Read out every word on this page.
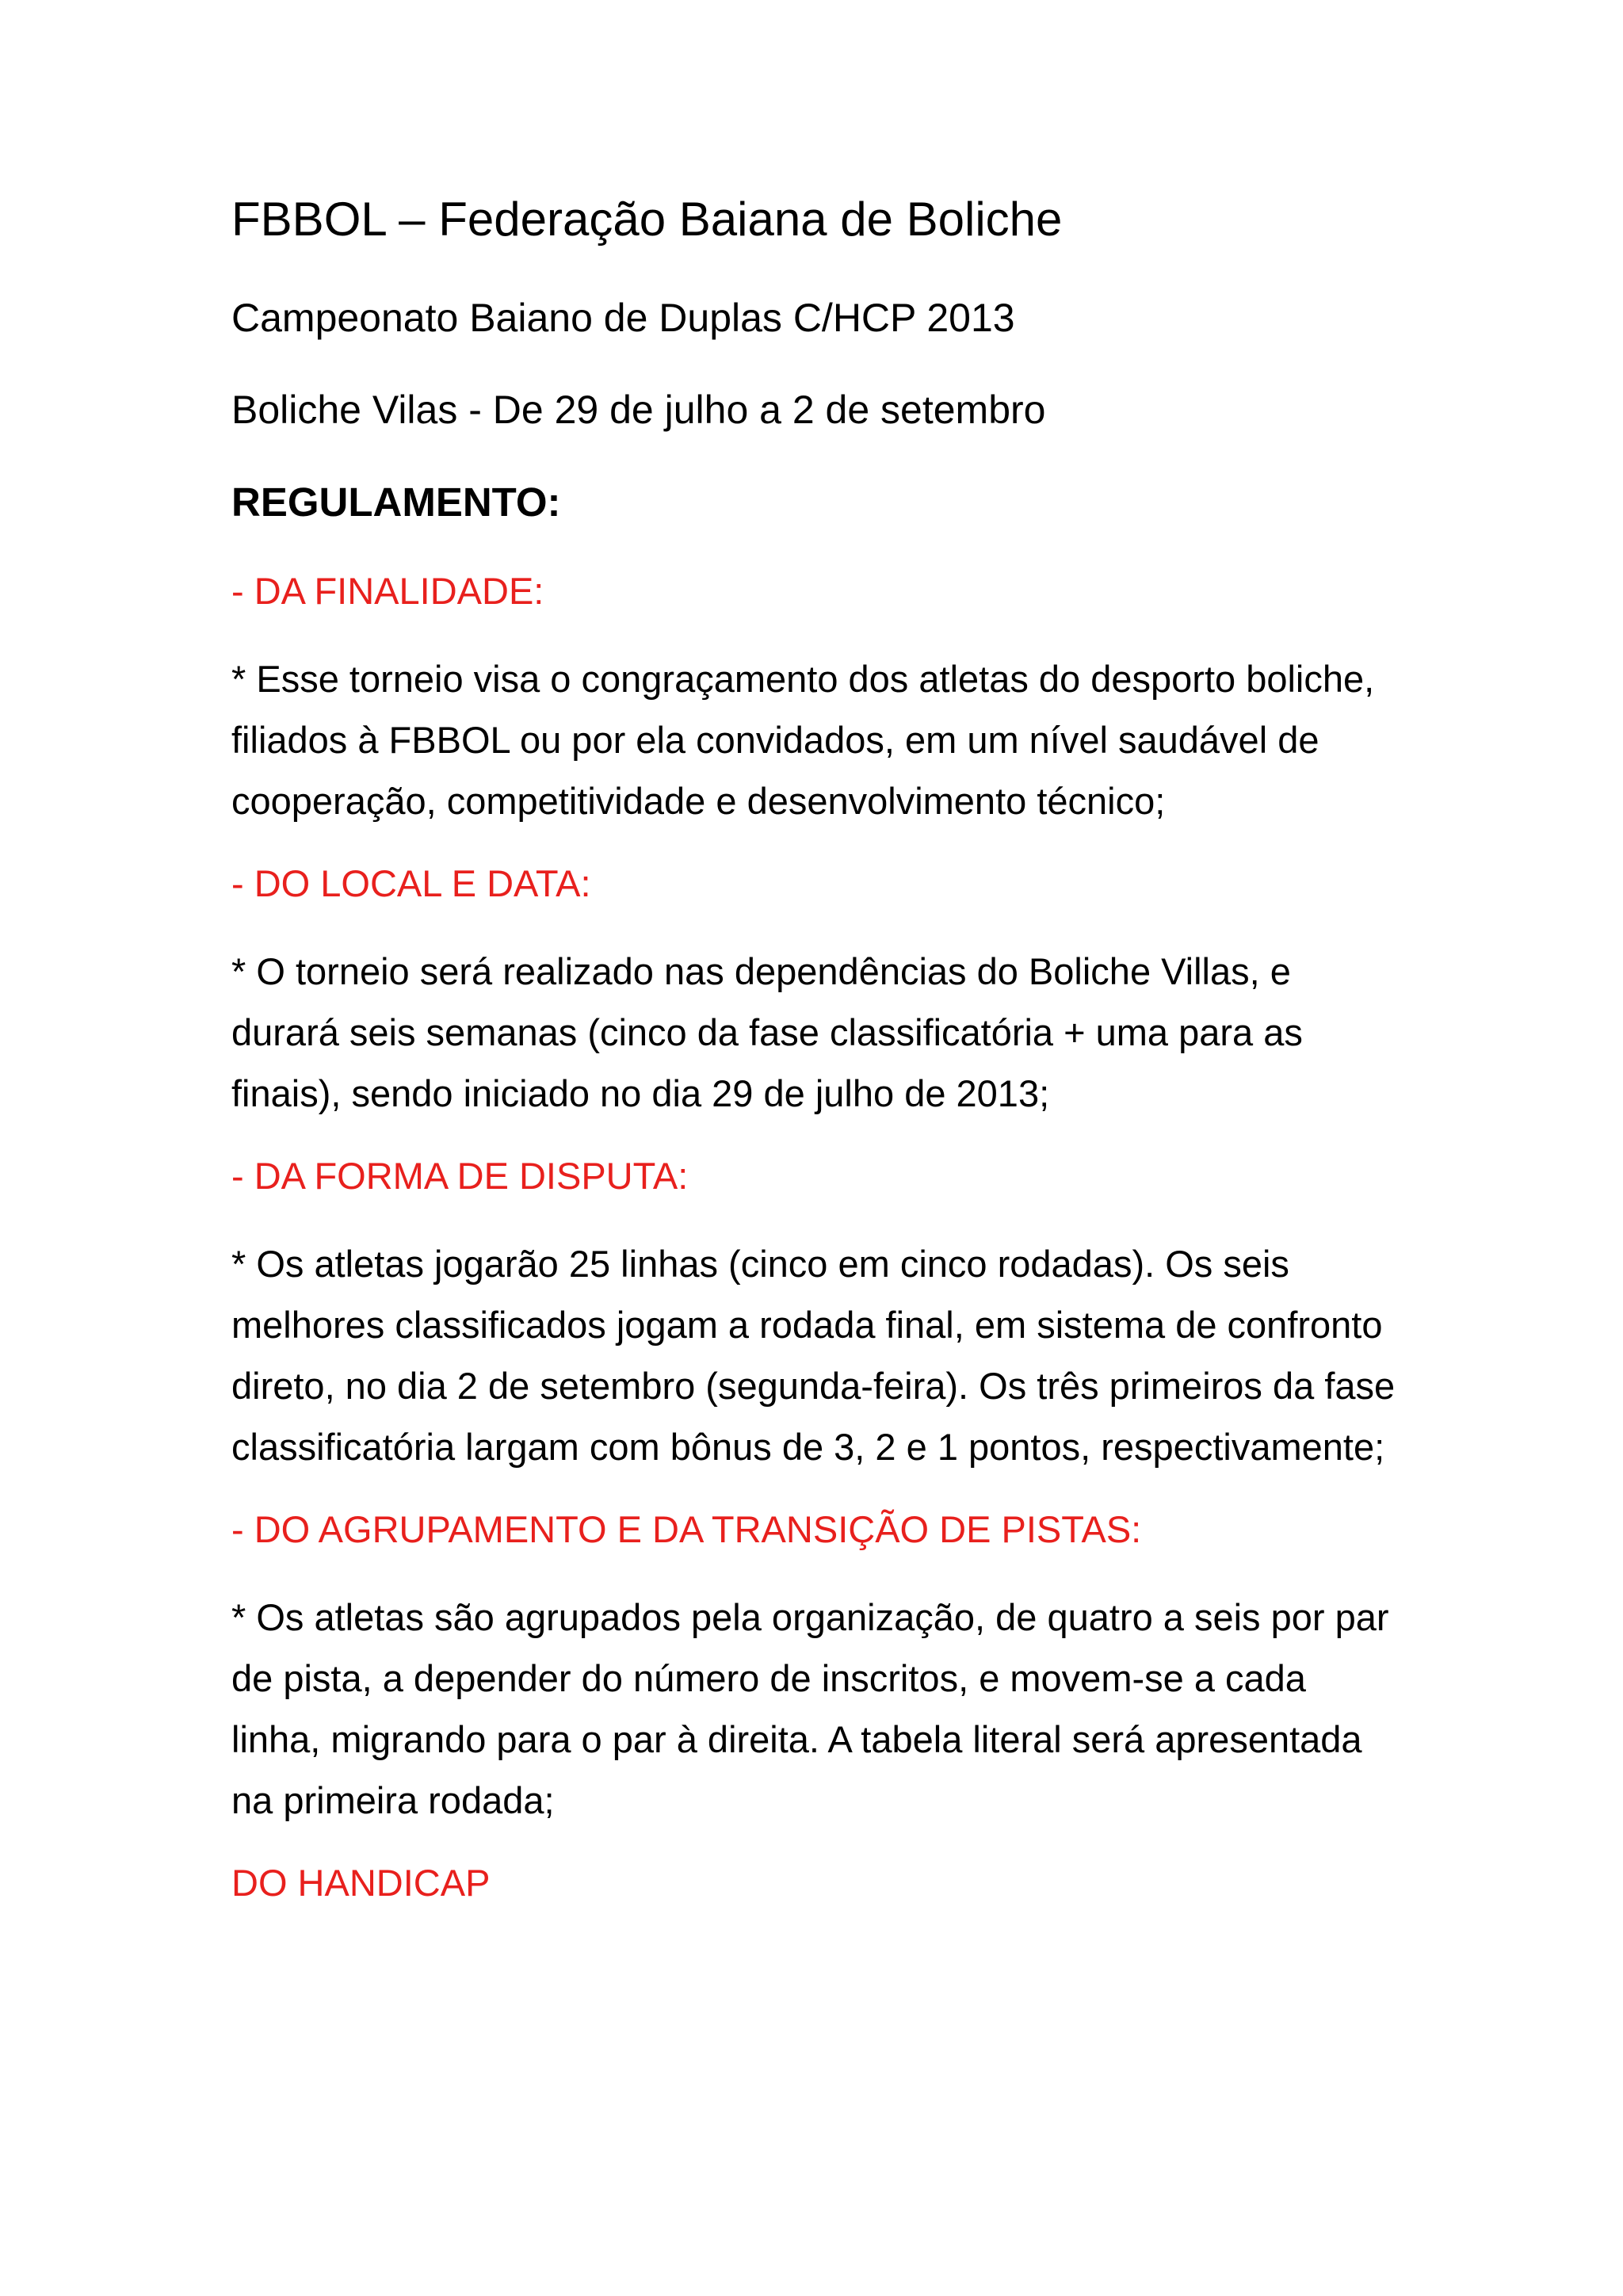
FBBOL – Federação Baiana de Boliche
Campeonato Baiano de Duplas C/HCP 2013
Boliche Vilas - De 29 de julho a 2 de setembro
REGULAMENTO:
- DA FINALIDADE:
* Esse torneio visa o congraçamento dos atletas do desporto boliche, filiados à FBBOL ou por ela convidados, em um nível saudável de cooperação, competitividade e desenvolvimento técnico;
- DO LOCAL E DATA:
* O torneio será realizado nas dependências do Boliche Villas, e durará seis semanas (cinco da fase classificatória + uma para as finais), sendo iniciado no dia 29 de julho de 2013;
- DA FORMA DE DISPUTA:
* Os atletas jogarão 25 linhas (cinco em cinco rodadas). Os seis melhores classificados jogam a rodada final, em sistema de confronto direto, no dia 2 de setembro (segunda-feira). Os três primeiros da fase classificatória largam com bônus de 3, 2 e 1 pontos, respectivamente;
- DO AGRUPAMENTO E DA TRANSIÇÃO DE PISTAS:
* Os atletas são agrupados pela organização, de quatro a seis por par de pista, a depender do número de inscritos, e movem-se a cada linha, migrando para o par à direita. A tabela literal será apresentada na primeira rodada;
DO HANDICAP
